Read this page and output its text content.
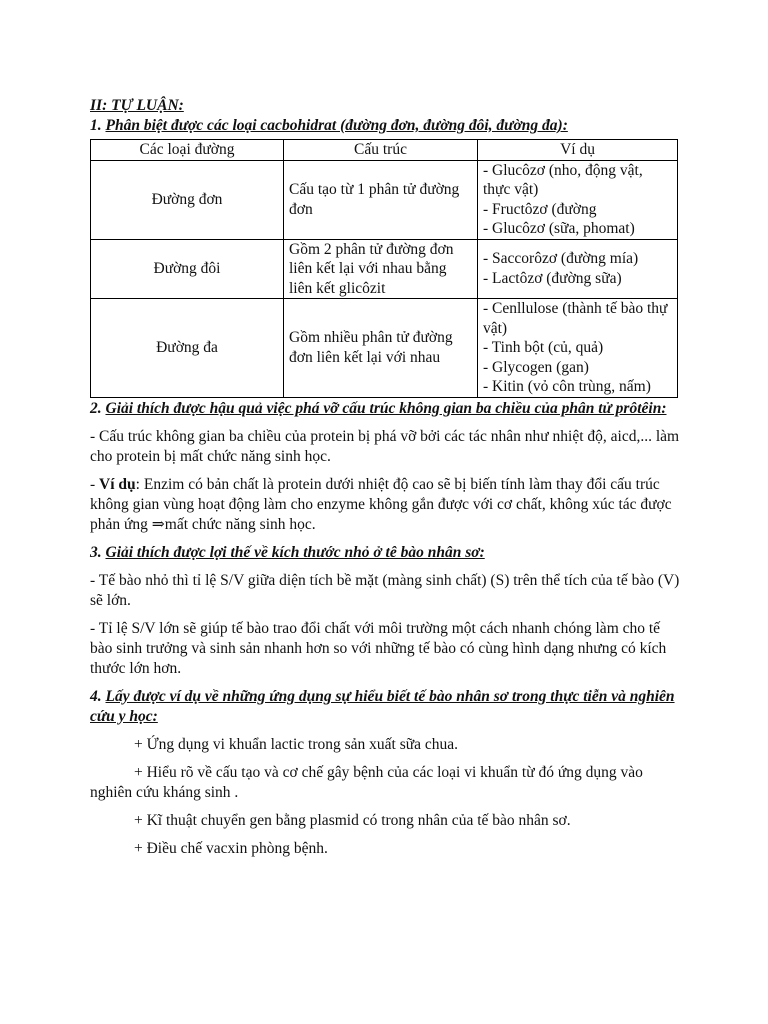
II: TỰ LUẬN:

1. Phân biệt được các loại cacbohidrat (đường đơn, đường đôi, đường đa):

Các loại đường	Cấu trúc	Ví dụ
Đường đơn	Cấu tạo từ 1 phân tử đường đơn	- Glucôzơ (nho, động vật, thực vật)
- Fructôzơ (đường
- Glucôzơ (sữa, phomat)

Đường đôi	Gồm 2 phân tử đường đơn liên kết lại với nhau bằng liên kết glicôzit	- Saccorôzơ (đường mía)
- Lactôzơ (đường sữa)

Đường đa	Gồm nhiều phân tử đường đơn liên kết lại với nhau	- Cenllulose (thành tế bào thự vật)
- Tinh bột (củ, quả)
- Glycogen (gan)
- Kitin (vỏ côn trùng, nấm)

2. Giải thích được hậu quả việc phá vỡ cấu trúc không gian ba chiều của phân tử prôtêin:

- Cấu trúc không gian ba chiều của protein bị phá vỡ bởi các tác nhân như nhiệt độ, aicd,... làm cho protein bị mất chức năng sinh học.

- Ví dụ: Enzim có bản chất là protein dưới nhiệt độ cao sẽ bị biến tính làm thay đổi cấu trúc không gian vùng hoạt động làm cho enzyme không gắn được với cơ chất, không xúc tác được phản ứng ⇒mất chức năng sinh học.

3. Giải thích được lợi thế về kích thước nhỏ ở tê bào nhân sơ:

- Tế bào nhỏ thì tỉ lệ S/V giữa diện tích bề mặt (màng sinh chất) (S) trên thể tích của tế bào (V) sẽ lớn.

- Tỉ lệ S/V lớn sẽ giúp tế bào trao đổi chất với môi trường một cách nhanh chóng làm cho tế bào sinh trưởng và sinh sản nhanh hơn so với những tế bào có cùng hình dạng nhưng có kích thước lớn hơn.

4. Lấy được ví dụ về những ứng dụng sự hiểu biết tế bào nhân sơ trong thực tiễn và nghiên cứu y học:

+ Ứng dụng vi khuẩn lactic trong sản xuất sữa chua.

+ Hiểu rõ về cấu tạo và cơ chế gây bệnh của các loại vi khuẩn từ đó ứng dụng vào nghiên cứu kháng sinh .

+ Kĩ thuật chuyển gen bằng plasmid có trong nhân của tế bào nhân sơ.

+ Điều chế vacxin phòng bệnh.
